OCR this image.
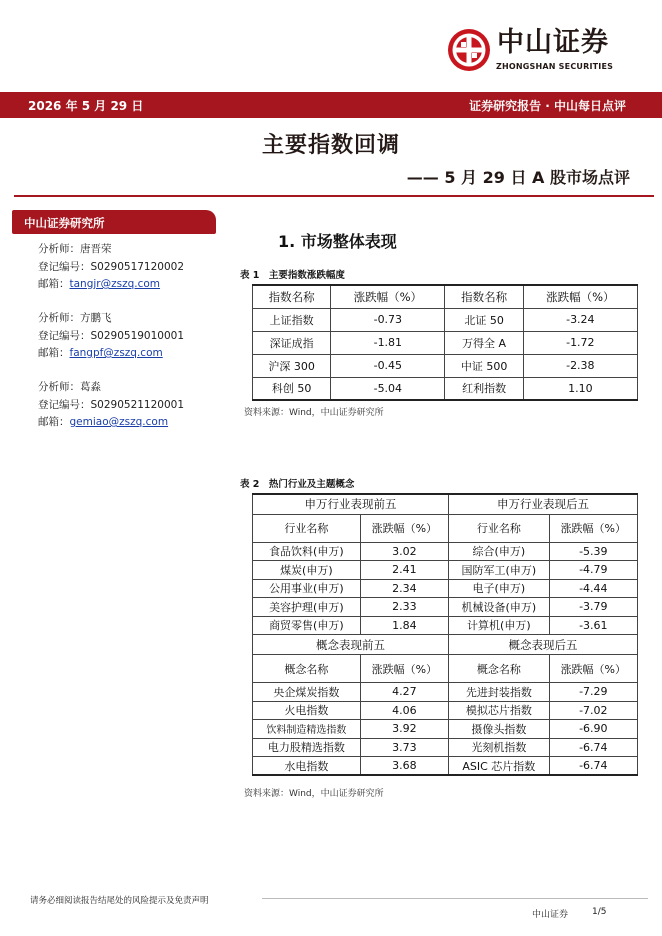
中山证券
ZHONGSHAN SECURITIES
2026 年 5 月 29 日	证券研究报告 · 中山每日点评
主要指数回调
—— 5 月 29 日 A 股市场点评
中山证券研究所
分析师：唐晋荣
登记编号：S0290517120002
邮箱：tangjr@zszq.com
分析师：方鹏飞
登记编号：S0290519010001
邮箱：fangpf@zszq.com
分析师：葛淼
登记编号：S0290521120001
邮箱：gemiao@zszq.com
1. 市场整体表现
表 1　主要指数涨跌幅度
指数名称	涨跌幅（%）	指数名称	涨跌幅（%）
上证指数	-0.73	北证 50	-3.24
深证成指	-1.81	万得全 A	-1.72
沪深 300	-0.45	中证 500	-2.38
科创 50	-5.04	红利指数	1.10
资料来源：Wind，中山证券研究所
表 2　热门行业及主题概念
申万行业表现前五		申万行业表现后五	
行业名称	涨跌幅（%）	行业名称	涨跌幅（%）
食品饮料(申万)	3.02	综合(申万)	-5.39
煤炭(申万)	2.41	国防军工(申万)	-4.79
公用事业(申万)	2.34	电子(申万)	-4.44
美容护理(申万)	2.33	机械设备(申万)	-3.79
商贸零售(申万)	1.84	计算机(申万)	-3.61
概念表现前五		概念表现后五	
概念名称	涨跌幅（%）	概念名称	涨跌幅（%）
央企煤炭指数	4.27	先进封装指数	-7.29
火电指数	4.06	模拟芯片指数	-7.02
饮料制造精选指数	3.92	摄像头指数	-6.90
电力股精选指数	3.73	光刻机指数	-6.74
水电指数	3.68	ASIC 芯片指数	-6.74
资料来源：Wind，中山证券研究所
请务必细阅读报告结尾处的风险提示及免责声明
中山证券	1/5
